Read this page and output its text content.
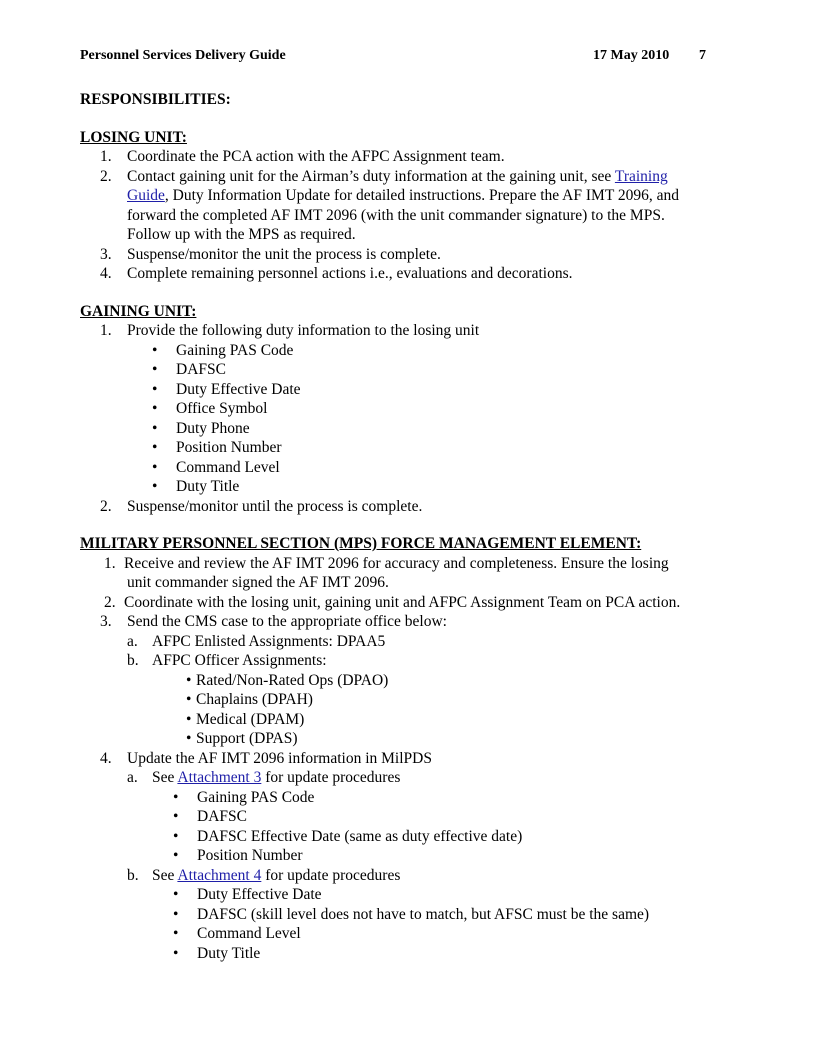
Personnel Services Delivery Guide	17 May 2010 7
RESPONSIBILITIES:
LOSING UNIT:
1. Coordinate the PCA action with the AFPC Assignment team.
2. Contact gaining unit for the Airman’s duty information at the gaining unit, see Training
Guide, Duty Information Update for detailed instructions. Prepare the AF IMT 2096, and
forward the completed AF IMT 2096 (with the unit commander signature) to the MPS.
Follow up with the MPS as required.
3. Suspense/monitor the unit the process is complete.
4. Complete remaining personnel actions i.e., evaluations and decorations.
GAINING UNIT:
1. Provide the following duty information to the losing unit
• Gaining PAS Code
• DAFSC
• Duty Effective Date
• Office Symbol
• Duty Phone
• Position Number
• Command Level
• Duty Title
2. Suspense/monitor until the process is complete.
MILITARY PERSONNEL SECTION (MPS) FORCE MANAGEMENT ELEMENT:
1. Receive and review the AF IMT 2096 for accuracy and completeness. Ensure the losing
unit commander signed the AF IMT 2096.
2. Coordinate with the losing unit, gaining unit and AFPC Assignment Team on PCA action.
3. Send the CMS case to the appropriate office below:
a. AFPC Enlisted Assignments: DPAA5
b. AFPC Officer Assignments:
• Rated/Non-Rated Ops (DPAO)
• Chaplains (DPAH)
• Medical (DPAM)
• Support (DPAS)
4. Update the AF IMT 2096 information in MilPDS
a. See Attachment 3 for update procedures
• Gaining PAS Code
• DAFSC
• DAFSC Effective Date (same as duty effective date)
• Position Number
b. See Attachment 4 for update procedures
• Duty Effective Date
• DAFSC (skill level does not have to match, but AFSC must be the same)
• Command Level
• Duty Title
